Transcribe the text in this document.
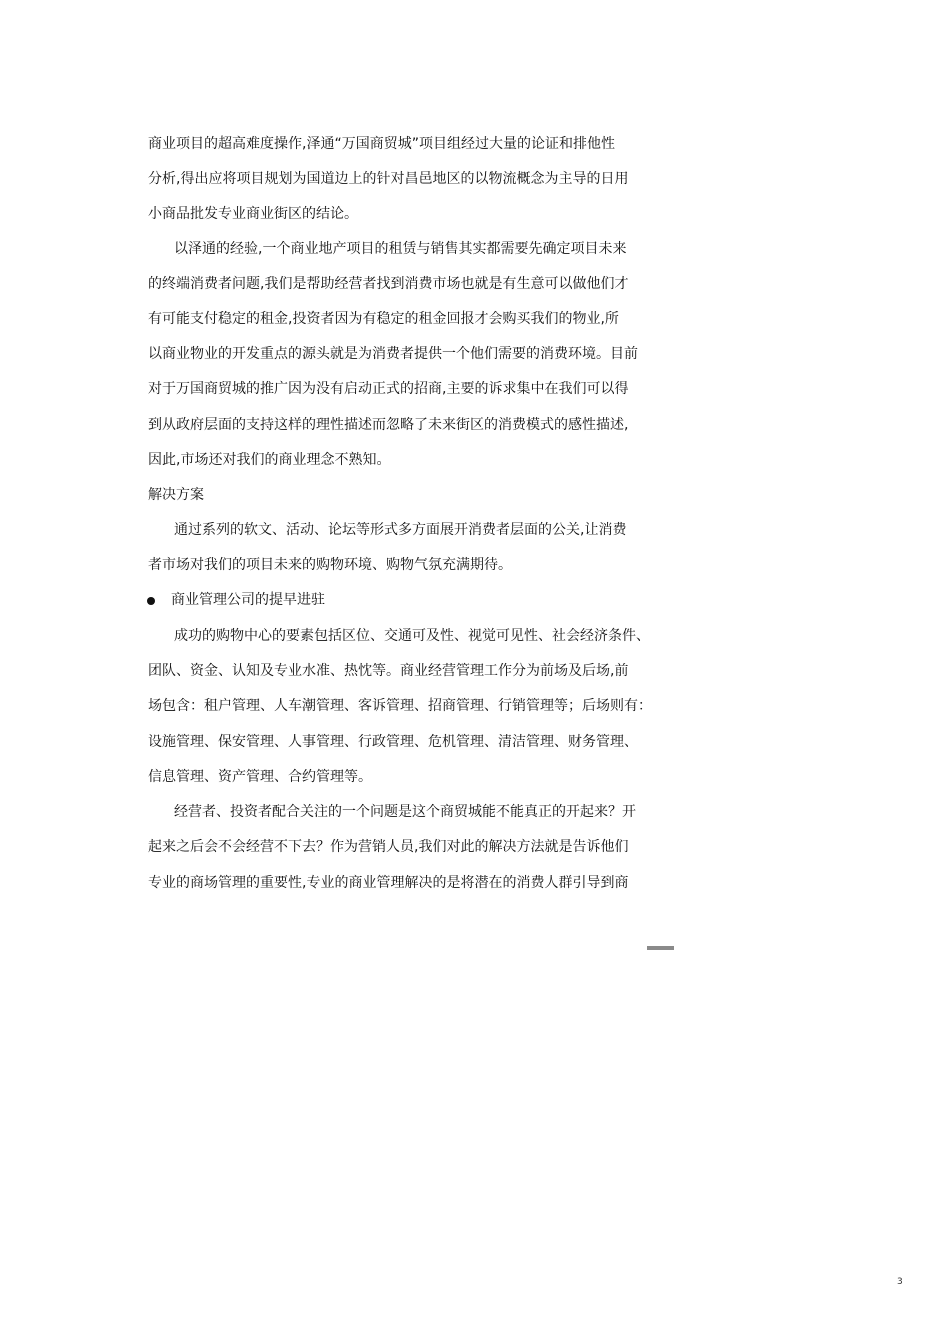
商业项目的超高难度操作,泽通“万国商贸城”项目组经过大量的论证和排他性
分析,得出应将项目规划为国道边上的针对昌邑地区的以物流概念为主导的日用
小商品批发专业商业街区的结论。
以泽通的经验,一个商业地产项目的租赁与销售其实都需要先确定项目未来
的终端消费者问题,我们是帮助经营者找到消费市场也就是有生意可以做他们才
有可能支付稳定的租金,投资者因为有稳定的租金回报才会购买我们的物业,所
以商业物业的开发重点的源头就是为消费者提供一个他们需要的消费环境。目前
对于万国商贸城的推广因为没有启动正式的招商,主要的诉求集中在我们可以得
到从政府层面的支持这样的理性描述而忽略了未来街区的消费模式的感性描述,
因此,市场还对我们的商业理念不熟知。
解决方案
通过系列的软文、活动、论坛等形式多方面展开消费者层面的公关,让消费
者市场对我们的项目未来的购物环境、购物气氛充满期待。
商业管理公司的提早进驻
成功的购物中心的要素包括区位、交通可及性、视觉可见性、社会经济条件、
团队、资金、认知及专业水准、热忱等。商业经营管理工作分为前场及后场,前
场包含：租户管理、人车潮管理、客诉管理、招商管理、行销管理等；后场则有：
设施管理、保安管理、人事管理、行政管理、危机管理、清洁管理、财务管理、
信息管理、资产管理、合约管理等。
经营者、投资者配合关注的一个问题是这个商贸城能不能真正的开起来？开
起来之后会不会经营不下去？作为营销人员,我们对此的解决方法就是告诉他们
专业的商场管理的重要性,专业的商业管理解决的是将潜在的消费人群引导到商
3
